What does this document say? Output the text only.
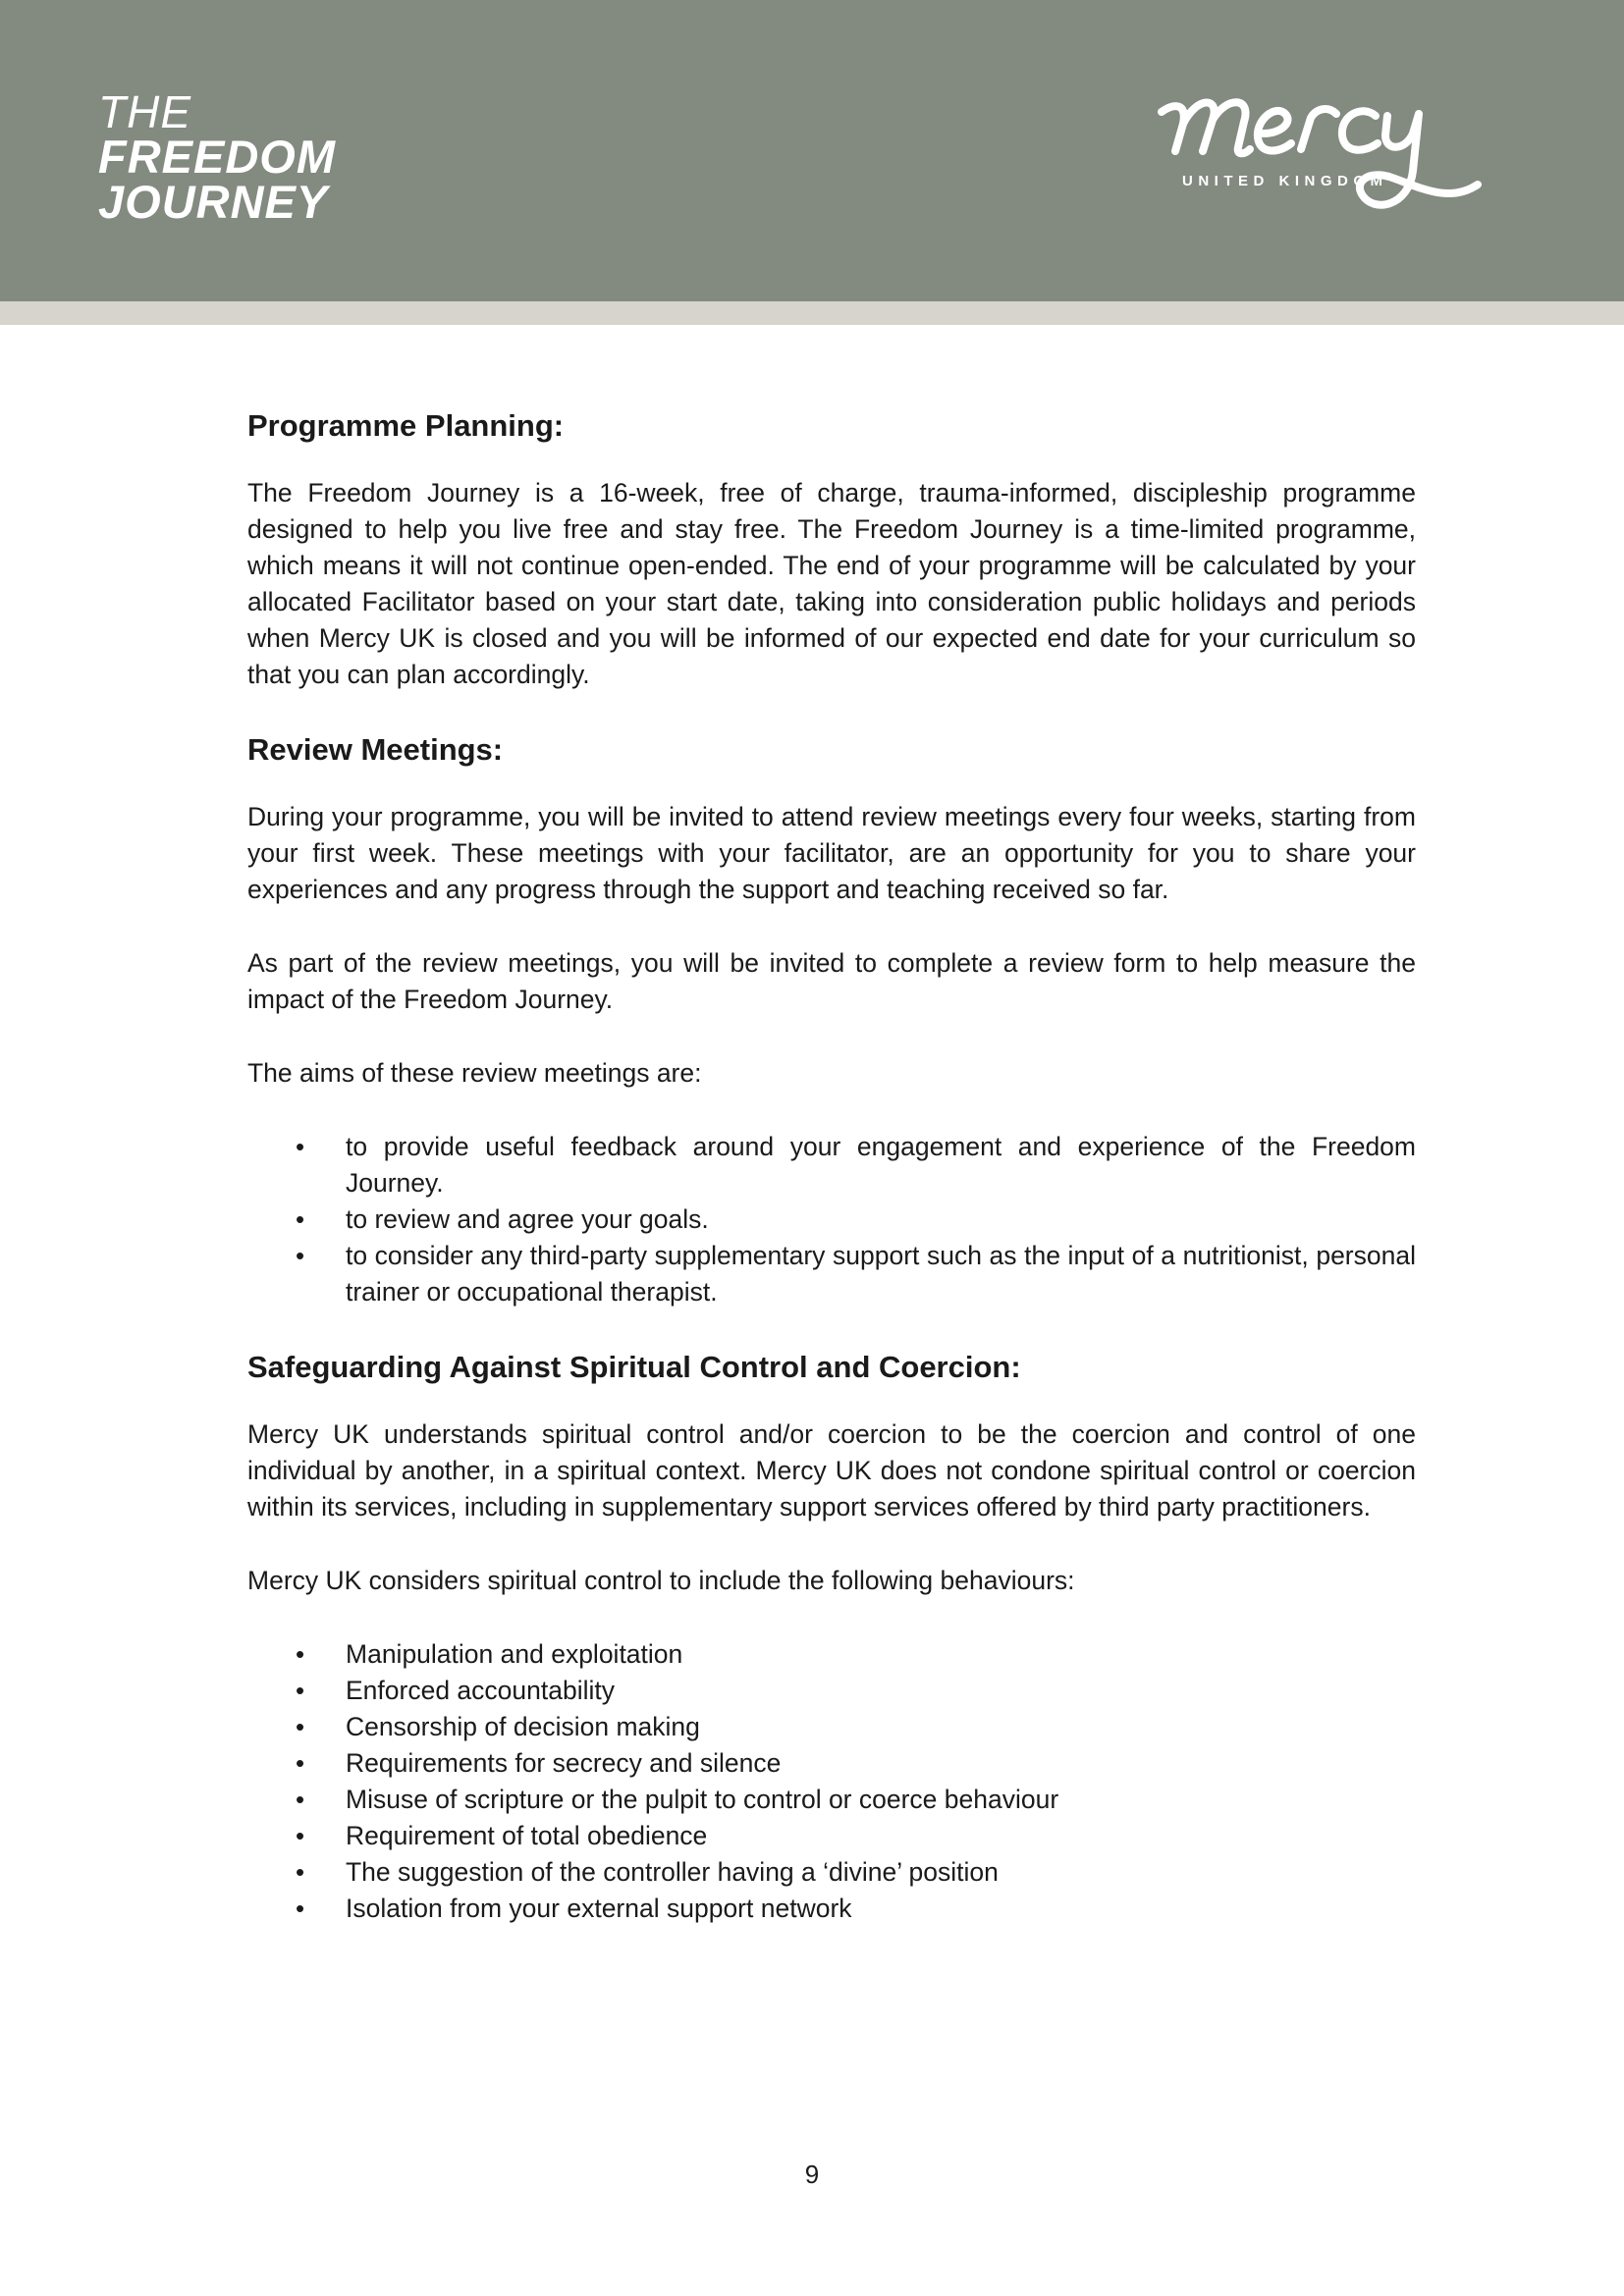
THE
FREEDOM
JOURNEY	UNITED KINGDOM
Programme Planning:

The Freedom Journey is a 16-week, free of charge, trauma-informed, discipleship programme designed to help you live free and stay free. The Freedom Journey is a time-limited programme, which means it will not continue open-ended. The end of your programme will be calculated by your allocated Facilitator based on your start date, taking into consideration public holidays and periods when Mercy UK is closed and you will be informed of our expected end date for your curriculum so that you can plan accordingly.

Review Meetings:

During your programme, you will be invited to attend review meetings every four weeks, starting from your first week. These meetings with your facilitator, are an opportunity for you to share your experiences and any progress through the support and teaching received so far.

As part of the review meetings, you will be invited to complete a review form to help measure the impact of the Freedom Journey.

The aims of these review meetings are:

• to provide useful feedback around your engagement and experience of the Freedom Journey.
• to review and agree your goals.
• to consider any third-party supplementary support such as the input of a nutritionist, personal trainer or occupational therapist.
Safeguarding Against Spiritual Control and Coercion:

Mercy UK understands spiritual control and/or coercion to be the coercion and control of one individual by another, in a spiritual context. Mercy UK does not condone spiritual control or coercion within its services, including in supplementary support services offered by third party practitioners.

Mercy UK considers spiritual control to include the following behaviours:

• Manipulation and exploitation
• Enforced accountability
• Censorship of decision making
• Requirements for secrecy and silence
• Misuse of scripture or the pulpit to control or coerce behaviour
• Requirement of total obedience
• The suggestion of the controller having a ‘divine’ position
• Isolation from your external support network
9
